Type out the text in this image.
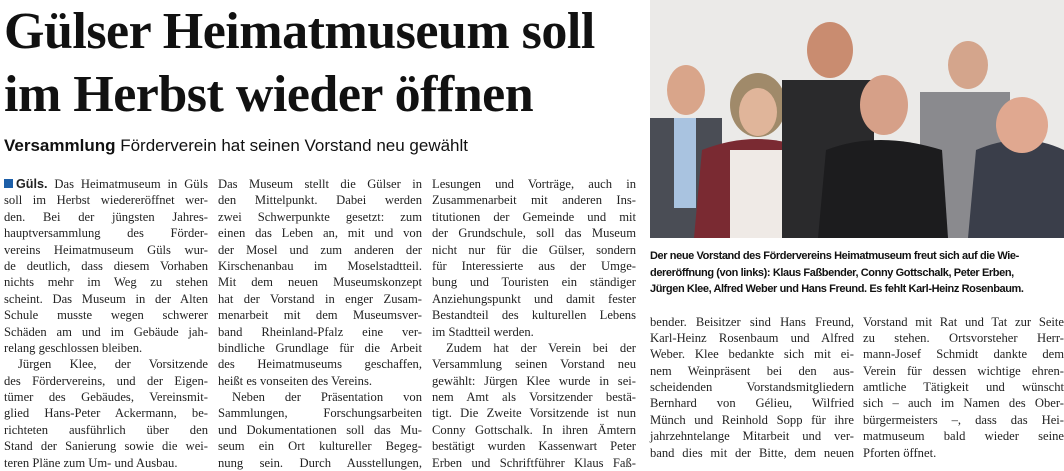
Gülser Heimatmuseum soll
im Herbst wieder öffnen
Versammlung Förderverein hat seinen Vorstand neu gewählt
Güls. Das Heimatmuseum in Güls
soll im Herbst wiedereröffnet wer-
den. Bei der jüngsten Jahres-
hauptversammlung des Förder-
vereins Heimatmuseum Güls wur-
de deutlich, dass diesem Vorhaben
nichts mehr im Weg zu stehen
scheint. Das Museum in der Alten
Schule musste wegen schwerer
Schäden am und im Gebäude jah-
relang geschlossen bleiben.
Jürgen Klee, der Vorsitzende
des Fördervereins, und der Eigen-
tümer des Gebäudes, Vereinsmit-
glied Hans-Peter Ackermann, be-
richteten ausführlich über den
Stand der Sanierung sowie die wei-
teren Pläne zum Um- und Ausbau.
Das Museum stellt die Gülser in
den Mittelpunkt. Dabei werden
zwei Schwerpunkte gesetzt: zum
einen das Leben an, mit und von
der Mosel und zum anderen der
Kirschenanbau im Moselstadtteil.
Mit dem neuen Museumskonzept
hat der Vorstand in enger Zusam-
menarbeit mit dem Museumsver-
band Rheinland-Pfalz eine ver-
bindliche Grundlage für die Arbeit
des Heimatmuseums geschaffen,
heißt es vonseiten des Vereins.
Neben der Präsentation von
Sammlungen, Forschungsarbeiten
und Dokumentationen soll das Mu-
seum ein Ort kultureller Begeg-
nung sein. Durch Ausstellungen,
Lesungen und Vorträge, auch in
Zusammenarbeit mit anderen Ins-
titutionen der Gemeinde und mit
der Grundschule, soll das Museum
nicht nur für die Gülser, sondern
für Interessierte aus der Umge-
bung und Touristen ein ständiger
Anziehungspunkt und damit fester
Bestandteil des kulturellen Lebens
im Stadtteil werden.
Zudem hat der Verein bei der
Versammlung seinen Vorstand neu
gewählt: Jürgen Klee wurde in sei-
nem Amt als Vorsitzender bestä-
tigt. Die Zweite Vorsitzende ist nun
Conny Gottschalk. In ihren Ämtern
bestätigt wurden Kassenwart Peter
Erben und Schriftführer Klaus Faß-
Der neue Vorstand des Fördervereins Heimatmuseum freut sich auf die Wie-
dereröffnung (von links): Klaus Faßbender, Conny Gottschalk, Peter Erben,
Jürgen Klee, Alfred Weber und Hans Freund. Es fehlt Karl-Heinz Rosenbaum.
bender. Beisitzer sind Hans Freund,
Karl-Heinz Rosenbaum und Alfred
Weber. Klee bedankte sich mit ei-
nem Weinpräsent bei den aus-
scheidenden Vorstandsmitgliedern
Bernhard von Gélieu, Wilfried
Münch und Reinhold Sopp für ihre
jahrzehntelange Mitarbeit und ver-
band dies mit der Bitte, dem neuen
Vorstand mit Rat und Tat zur Seite
zu stehen. Ortsvorsteher Herr-
mann-Josef Schmidt dankte dem
Verein für dessen wichtige ehren-
amtliche Tätigkeit und wünscht
sich – auch im Namen des Ober-
bürgermeisters –, dass das Hei-
matmuseum bald wieder seine
Pforten öffnet.
